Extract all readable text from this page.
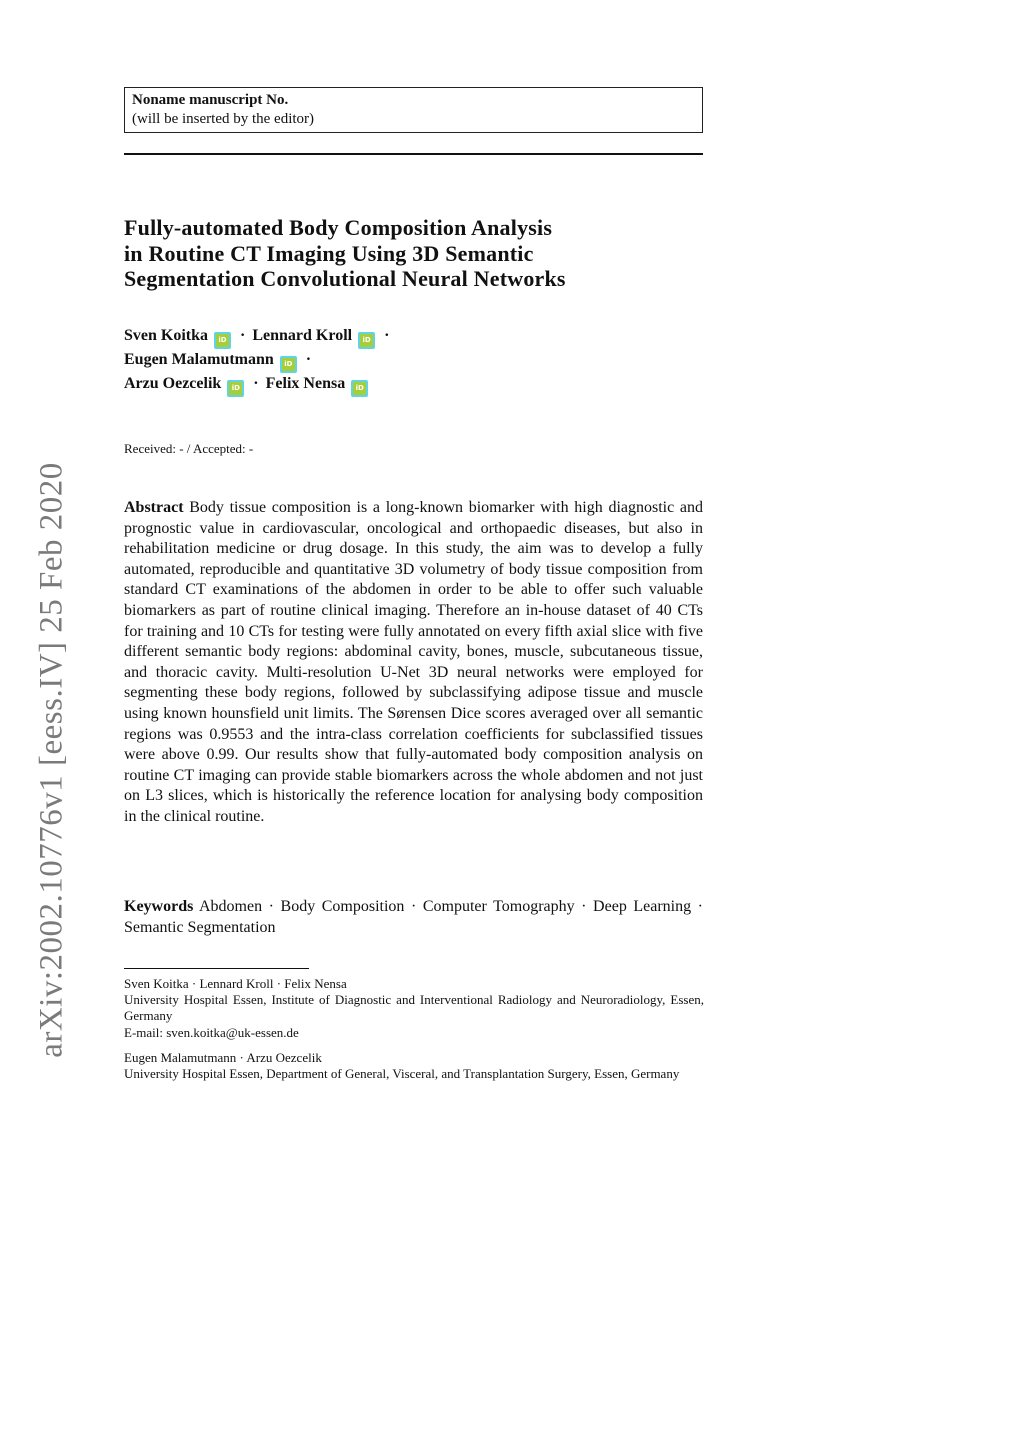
arXiv:2002.10776v1 [eess.IV] 25 Feb 2020
Noname manuscript No.
(will be inserted by the editor)
Fully-automated Body Composition Analysis
in Routine CT Imaging Using 3D Semantic
Segmentation Convolutional Neural Networks
Sven Koitka iD · Lennard Kroll iD ·
Eugen Malamutmann iD ·
Arzu Oezcelik iD · Felix Nensa iD
Received: - / Accepted: -
Abstract Body tissue composition is a long-known biomarker with high diagnostic and prognostic value in cardiovascular, oncological and orthopaedic diseases, but also in rehabilitation medicine or drug dosage. In this study, the aim was to develop a fully automated, reproducible and quantitative 3D volumetry of body tissue composition from standard CT examinations of the abdomen in order to be able to offer such valuable biomarkers as part of routine clinical imaging. Therefore an in-house dataset of 40 CTs for training and 10 CTs for testing were fully annotated on every fifth axial slice with five different semantic body regions: abdominal cavity, bones, muscle, subcutaneous tissue, and thoracic cavity. Multi-resolution U-Net 3D neural networks were employed for segmenting these body regions, followed by subclassifying adipose tissue and muscle using known hounsfield unit limits. The Sørensen Dice scores averaged over all semantic regions was 0.9553 and the intra-class correlation coefficients for subclassified tissues were above 0.99. Our results show that fully-automated body composition analysis on routine CT imaging can provide stable biomarkers across the whole abdomen and not just on L3 slices, which is historically the reference location for analysing body composition in the clinical routine.
Keywords Abdomen · Body Composition · Computer Tomography · Deep Learning · Semantic Segmentation
Sven Koitka · Lennard Kroll · Felix Nensa
University Hospital Essen, Institute of Diagnostic and Interventional Radiology and Neuroradiology, Essen, Germany
E-mail: sven.koitka@uk-essen.de
Eugen Malamutmann · Arzu Oezcelik
University Hospital Essen, Department of General, Visceral, and Transplantation Surgery, Essen, Germany
